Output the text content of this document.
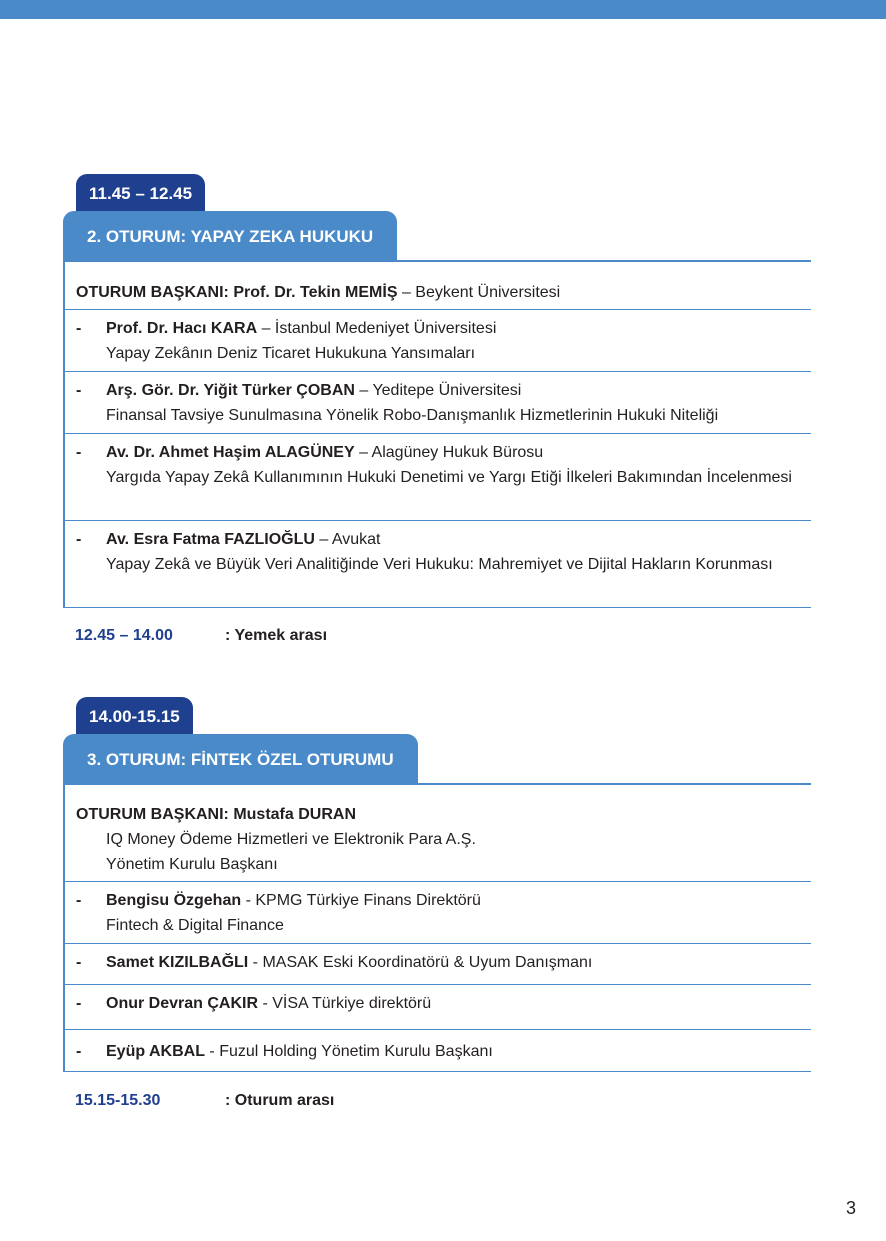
11.45 – 12.45
2. OTURUM: YAPAY ZEKA HUKUKU
OTURUM BAŞKANI: Prof. Dr. Tekin MEMİŞ – Beykent Üniversitesi
-	Prof. Dr. Hacı KARA – İstanbul Medeniyet Üniversitesi
Yapay Zekânın Deniz Ticaret Hukukuna Yansımaları
-	Arş. Gör. Dr. Yiğit Türker ÇOBAN – Yeditepe Üniversitesi
Finansal Tavsiye Sunulmasına Yönelik Robo-Danışmanlık Hizmetlerinin Hukuki Niteliği
-	Av. Dr. Ahmet Haşim ALAGÜNEY – Alagüney Hukuk Bürosu
Yargıda Yapay Zekâ Kullanımının Hukuki Denetimi ve Yargı Etiği İlkeleri Bakımından İncelenmesi
-	Av. Esra Fatma FAZLIOĞLU – Avukat
Yapay Zekâ ve Büyük Veri Analitiğinde Veri Hukuku: Mahremiyet ve Dijital Hakların Korunması
12.45 – 14.00	: Yemek arası
14.00-15.15
3. OTURUM: FİNTEK ÖZEL OTURUMU
OTURUM BAŞKANI: Mustafa DURAN
IQ Money Ödeme Hizmetleri ve Elektronik Para A.Ş.
Yönetim Kurulu Başkanı
-	Bengisu Özgehan - KPMG Türkiye Finans Direktörü
Fintech & Digital Finance
-	Samet KIZILBAĞLI - MASAK Eski Koordinatörü & Uyum Danışmanı
-	Onur Devran ÇAKIR - VİSA Türkiye direktörü
-	Eyüp AKBAL - Fuzul Holding Yönetim Kurulu Başkanı
15.15-15.30	: Oturum arası
3
